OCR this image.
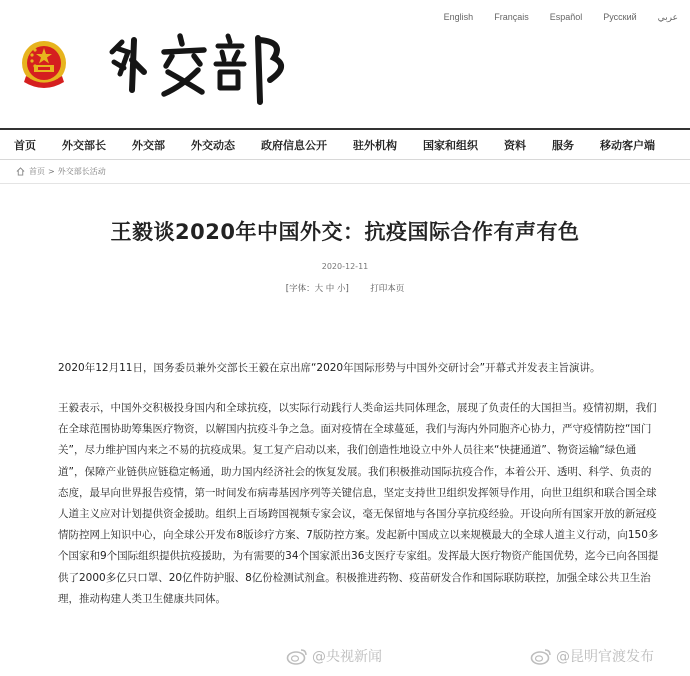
English Français Español Русский عربي
首页 外交部长 外交部 外交动态 政府信息公开 驻外机构 国家和组织 资料 服务 移动客户端
首页 > 外交部长活动
王毅谈2020年中国外交：抗疫国际合作有声有色
2020-12-11
[字体：大 中 小]	打印本页

2020年12月11日，国务委员兼外交部长王毅在京出席“2020年国际形势与中国外交研讨会”开幕式并发表主旨演讲。

王毅表示，中国外交积极投身国内和全球抗疫，以实际行动践行人类命运共同体理念，展现了负责任的大国担当。疫情初期，我们在全球范围协助筹集医疗物资，以解国内抗疫斗争之急。面对疫情在全球蔓延，我们与海内外同胞齐心协力，严守疫情防控“国门关”，尽力维护国内来之不易的抗疫成果。复工复产启动以来，我们创造性地设立中外人员往来“快捷通道”、物资运输“绿色通道”，保障产业链供应链稳定畅通，助力国内经济社会的恢复发展。我们积极推动国际抗疫合作，本着公开、透明、科学、负责的态度，最早向世界报告疫情，第一时间发布病毒基因序列等关键信息，坚定支持世卫组织发挥领导作用，向世卫组织和联合国全球人道主义应对计划提供资金援助。组织上百场跨国视频专家会议，毫无保留地与各国分享抗疫经验。开设向所有国家开放的新冠疫情防控网上知识中心，向全球公开发布8版诊疗方案、7版防控方案。发起新中国成立以来规模最大的全球人道主义行动，向150多个国家和9个国际组织提供抗疫援助，为有需要的34个国家派出36支医疗专家组。发挥最大医疗物资产能国优势，迄今已向各国提供了2000多亿只口罩、20亿件防护服、8亿份检测试剂盒。积极推进药物、疫苗研发合作和国际联防联控，加强全球公共卫生治理，推动构建人类卫生健康共同体。

@央视新闻	@昆明官渡发布
